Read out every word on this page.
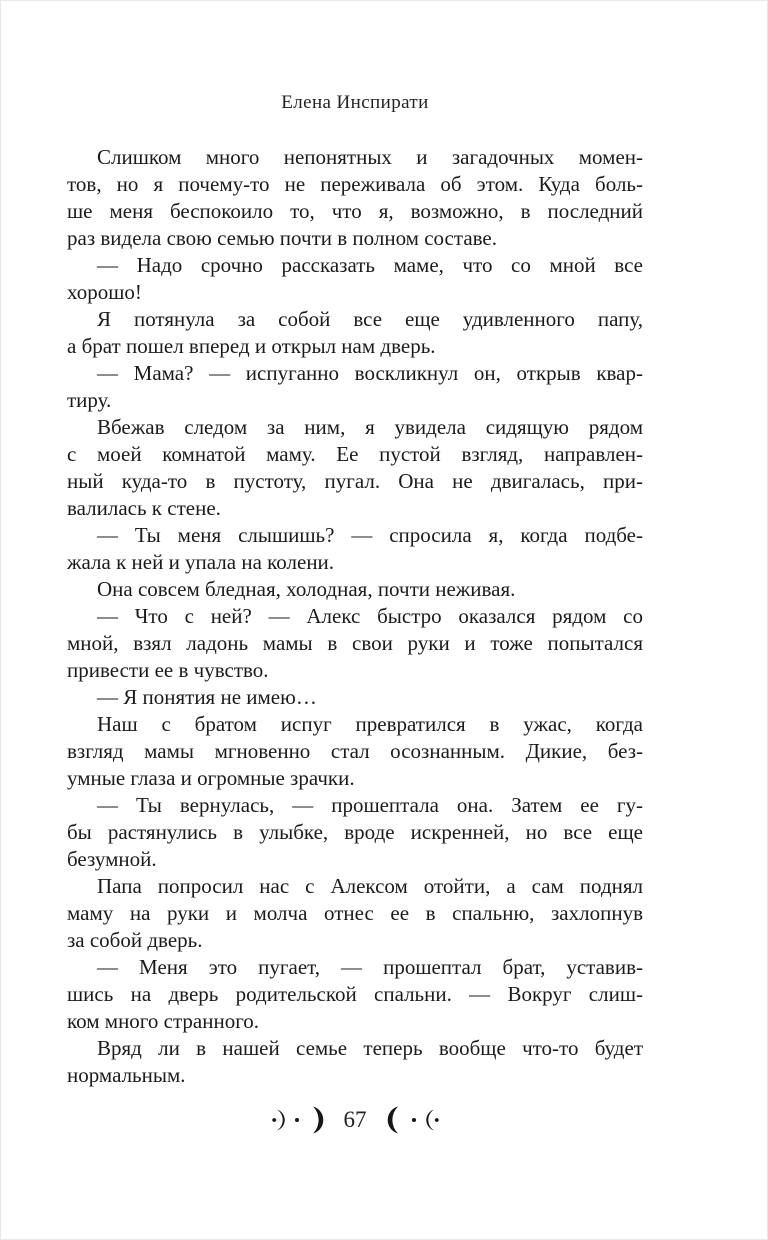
Елена Инспирати
Слишком много непонятных и загадочных момен-
тов, но я почему-то не переживала об этом. Куда боль-
ше меня беспокоило то, что я, возможно, в последний
раз видела свою семью почти в полном составе.
— Надо срочно рассказать маме, что со мной все
хорошо!
Я потянула за собой все еще удивленного папу,
а брат пошел вперед и открыл нам дверь.
— Мама? — испуганно воскликнул он, открыв квар-
тиру.
Вбежав следом за ним, я увидела сидящую рядом
с моей комнатой маму. Ее пустой взгляд, направлен-
ный куда-то в пустоту, пугал. Она не двигалась, при-
валилась к стене.
— Ты меня слышишь? — спросила я, когда подбе-
жала к ней и упала на колени.
Она совсем бледная, холодная, почти неживая.
— Что с ней? — Алекс быстро оказался рядом со
мной, взял ладонь мамы в свои руки и тоже попытался
привести ее в чувство.
— Я понятия не имею…
Наш с братом испуг превратился в ужас, когда
взгляд мамы мгновенно стал осознанным. Дикие, без-
умные глаза и огромные зрачки.
— Ты вернулась, — прошептала она. Затем ее гу-
бы растянулись в улыбке, вроде искренней, но все еще
безумной.
Папа попросил нас с Алексом отойти, а сам поднял
маму на руки и молча отнес ее в спальню, захлопнув
за собой дверь.
— Меня это пугает, — прошептал брат, уставив-
шись на дверь родительской спальни. — Вокруг слиш-
ком много странного.
Вряд ли в нашей семье теперь вообще что-то будет
нормальным.
67
